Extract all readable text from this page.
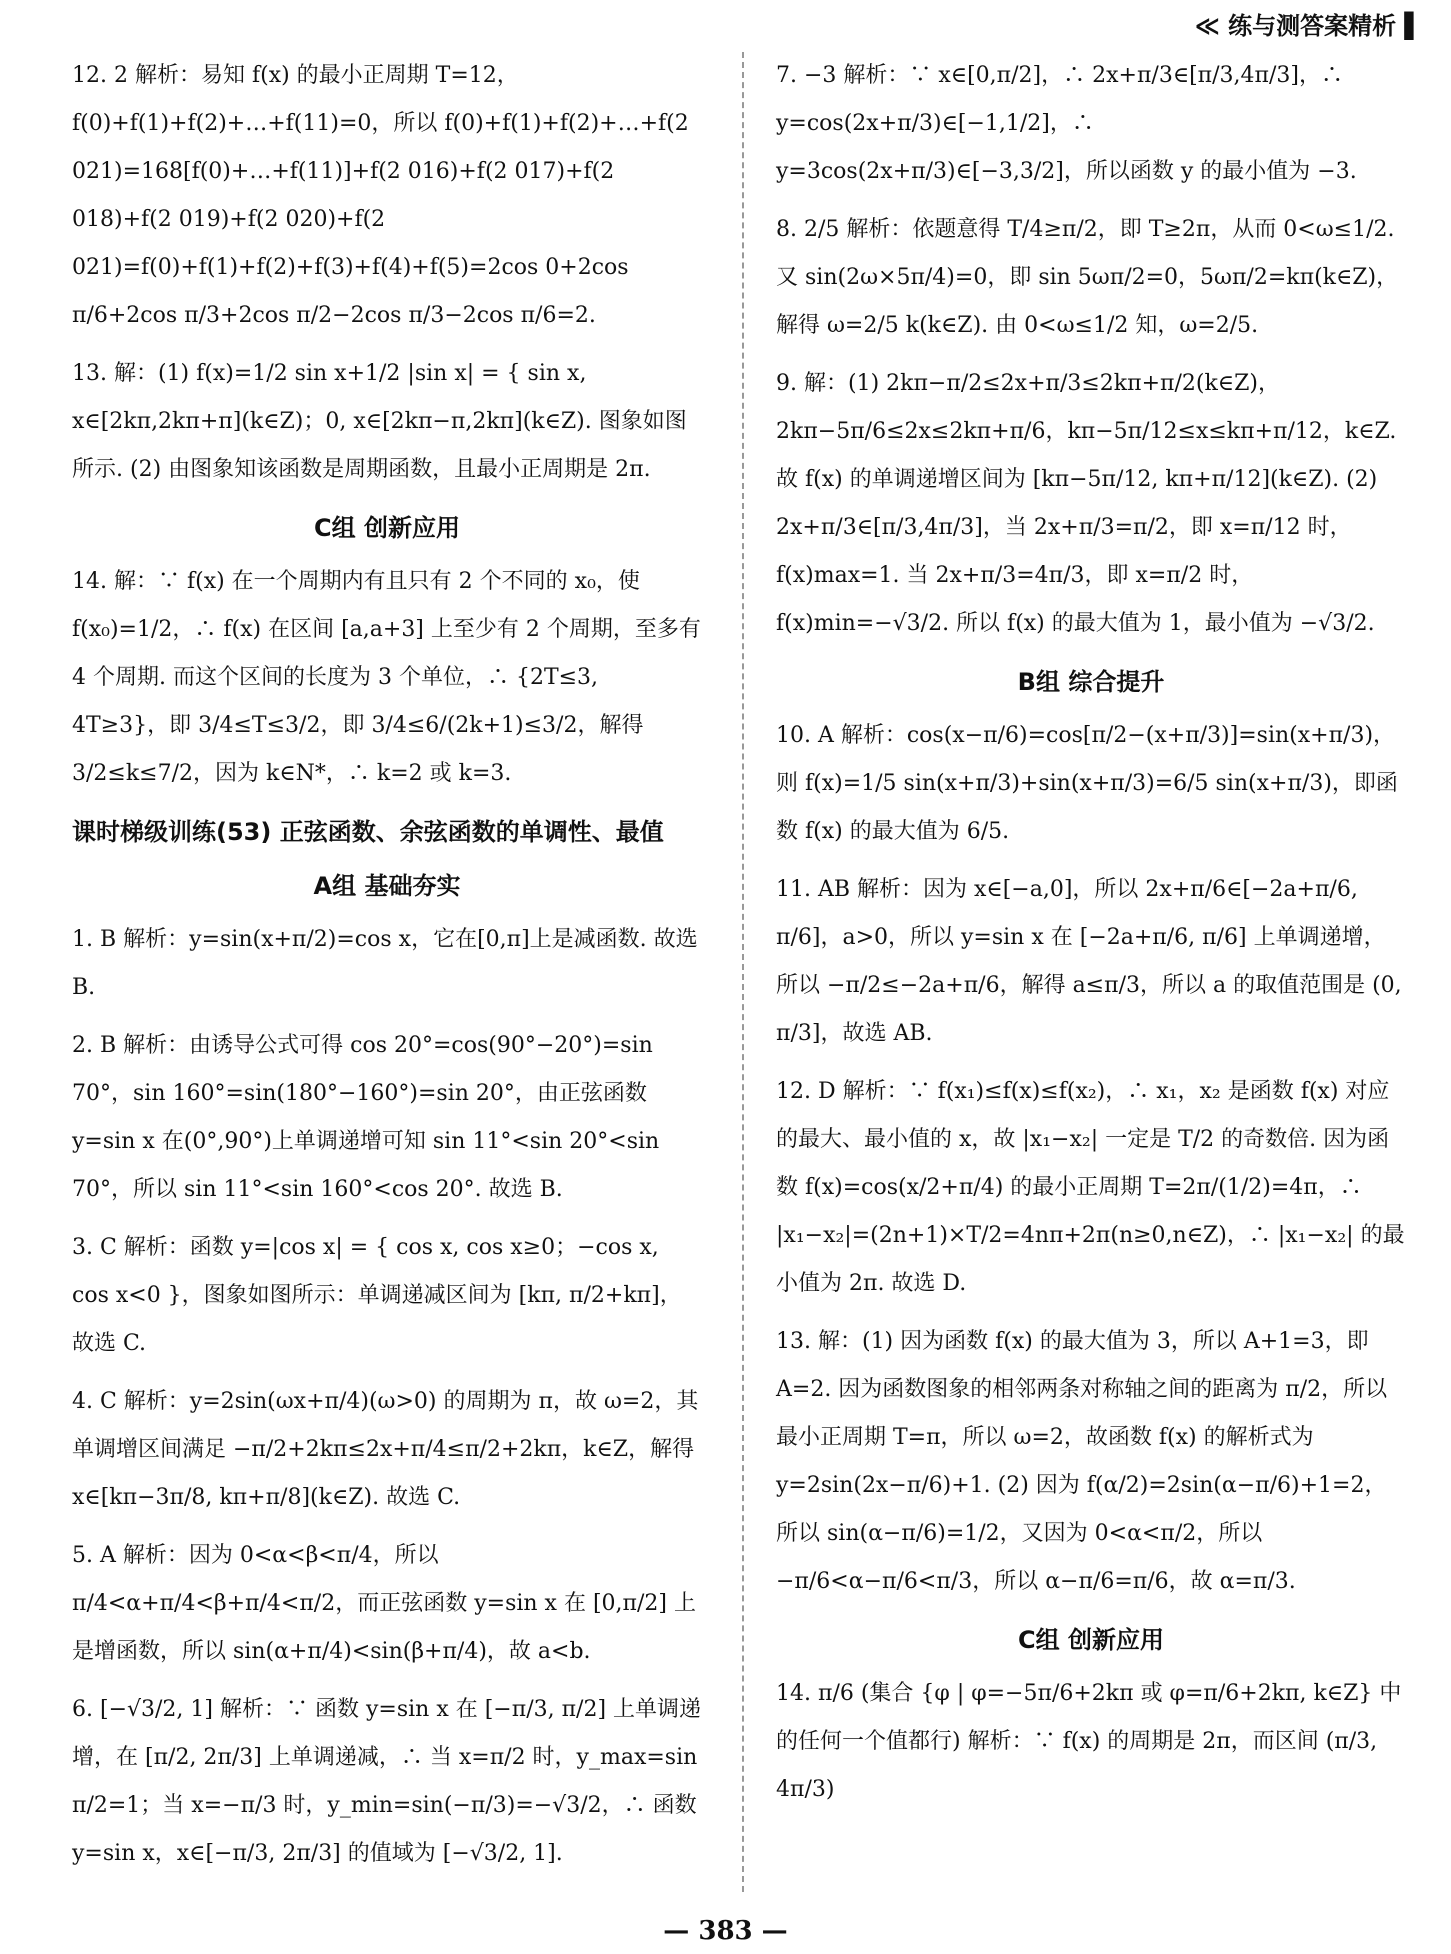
≪ 练与测答案精析 ▌
12. 2 解析：易知 f(x) 的最小正周期 T=12，f(0)+f(1)+f(2)+…+f(11)=0，所以 f(0)+f(1)+f(2)+…+f(2 021)=168[f(0)+…+f(11)]+f(2 016)+f(2 017)+f(2 018)+f(2 019)+f(2 020)+f(2 021)=f(0)+f(1)+f(2)+f(3)+f(4)+f(5)=2cos 0+2cos π/6+2cos π/3+2cos π/2−2cos π/3−2cos π/6=2.
13. 解：(1) f(x)=1/2 sin x+1/2 |sin x| = { sin x, x∈[2kπ,2kπ+π](k∈Z)；0, x∈[2kπ−π,2kπ](k∈Z). 图象如图所示. (2) 由图象知该函数是周期函数，且最小正周期是 2π.
C组 创新应用
14. 解：∵ f(x) 在一个周期内有且只有 2 个不同的 x₀，使 f(x₀)=1/2，∴ f(x) 在区间 [a,a+3] 上至少有 2 个周期，至多有 4 个周期. 而这个区间的长度为 3 个单位，∴ {2T≤3, 4T≥3}，即 3/4≤T≤3/2，即 3/4≤6/(2k+1)≤3/2，解得 3/2≤k≤7/2，因为 k∈N*，∴ k=2 或 k=3.
课时梯级训练(53) 正弦函数、余弦函数的单调性、最值
A组 基础夯实
1. B 解析：y=sin(x+π/2)=cos x，它在[0,π]上是减函数. 故选 B.
2. B 解析：由诱导公式可得 cos 20°=cos(90°−20°)=sin 70°，sin 160°=sin(180°−160°)=sin 20°，由正弦函数 y=sin x 在(0°,90°)上单调递增可知 sin 11°<sin 20°<sin 70°，所以 sin 11°<sin 160°<cos 20°. 故选 B.
3. C 解析：函数 y=|cos x| = { cos x, cos x≥0；−cos x, cos x<0 }，图象如图所示：单调递减区间为 [kπ, π/2+kπ]，故选 C.
4. C 解析：y=2sin(ωx+π/4)(ω>0) 的周期为 π，故 ω=2，其单调增区间满足 −π/2+2kπ≤2x+π/4≤π/2+2kπ，k∈Z，解得 x∈[kπ−3π/8, kπ+π/8](k∈Z). 故选 C.
5. A 解析：因为 0<α<β<π/4，所以 π/4<α+π/4<β+π/4<π/2，而正弦函数 y=sin x 在 [0,π/2] 上是增函数，所以 sin(α+π/4)<sin(β+π/4)，故 a<b.
6. [−√3/2, 1] 解析：∵ 函数 y=sin x 在 [−π/3, π/2] 上单调递增，在 [π/2, 2π/3] 上单调递减，∴ 当 x=π/2 时，y_max=sin π/2=1；当 x=−π/3 时，y_min=sin(−π/3)=−√3/2，∴ 函数 y=sin x，x∈[−π/3, 2π/3] 的值域为 [−√3/2, 1].
7. −3 解析：∵ x∈[0,π/2]，∴ 2x+π/3∈[π/3,4π/3]，∴ y=cos(2x+π/3)∈[−1,1/2]，∴ y=3cos(2x+π/3)∈[−3,3/2]，所以函数 y 的最小值为 −3.
8. 2/5 解析：依题意得 T/4≥π/2，即 T≥2π，从而 0<ω≤1/2. 又 sin(2ω×5π/4)=0，即 sin 5ωπ/2=0，5ωπ/2=kπ(k∈Z)，解得 ω=2/5 k(k∈Z). 由 0<ω≤1/2 知，ω=2/5.
9. 解：(1) 2kπ−π/2≤2x+π/3≤2kπ+π/2(k∈Z)，2kπ−5π/6≤2x≤2kπ+π/6，kπ−5π/12≤x≤kπ+π/12，k∈Z. 故 f(x) 的单调递增区间为 [kπ−5π/12, kπ+π/12](k∈Z). (2) 2x+π/3∈[π/3,4π/3]，当 2x+π/3=π/2，即 x=π/12 时，f(x)max=1. 当 2x+π/3=4π/3，即 x=π/2 时，f(x)min=−√3/2. 所以 f(x) 的最大值为 1，最小值为 −√3/2.
B组 综合提升
10. A 解析：cos(x−π/6)=cos[π/2−(x+π/3)]=sin(x+π/3)，则 f(x)=1/5 sin(x+π/3)+sin(x+π/3)=6/5 sin(x+π/3)，即函数 f(x) 的最大值为 6/5.
11. AB 解析：因为 x∈[−a,0]，所以 2x+π/6∈[−2a+π/6, π/6]，a>0，所以 y=sin x 在 [−2a+π/6, π/6] 上单调递增，所以 −π/2≤−2a+π/6，解得 a≤π/3，所以 a 的取值范围是 (0, π/3]，故选 AB.
12. D 解析：∵ f(x₁)≤f(x)≤f(x₂)，∴ x₁，x₂ 是函数 f(x) 对应的最大、最小值的 x，故 |x₁−x₂| 一定是 T/2 的奇数倍. 因为函数 f(x)=cos(x/2+π/4) 的最小正周期 T=2π/(1/2)=4π，∴ |x₁−x₂|=(2n+1)×T/2=4nπ+2π(n≥0,n∈Z)，∴ |x₁−x₂| 的最小值为 2π. 故选 D.
13. 解：(1) 因为函数 f(x) 的最大值为 3，所以 A+1=3，即 A=2. 因为函数图象的相邻两条对称轴之间的距离为 π/2，所以最小正周期 T=π，所以 ω=2，故函数 f(x) 的解析式为 y=2sin(2x−π/6)+1. (2) 因为 f(α/2)=2sin(α−π/6)+1=2，所以 sin(α−π/6)=1/2，又因为 0<α<π/2，所以 −π/6<α−π/6<π/3，所以 α−π/6=π/6，故 α=π/3.
C组 创新应用
14. π/6 (集合 {φ | φ=−5π/6+2kπ 或 φ=π/6+2kπ, k∈Z} 中的任何一个值都行) 解析：∵ f(x) 的周期是 2π，而区间 (π/3, 4π/3)
— 383 —
